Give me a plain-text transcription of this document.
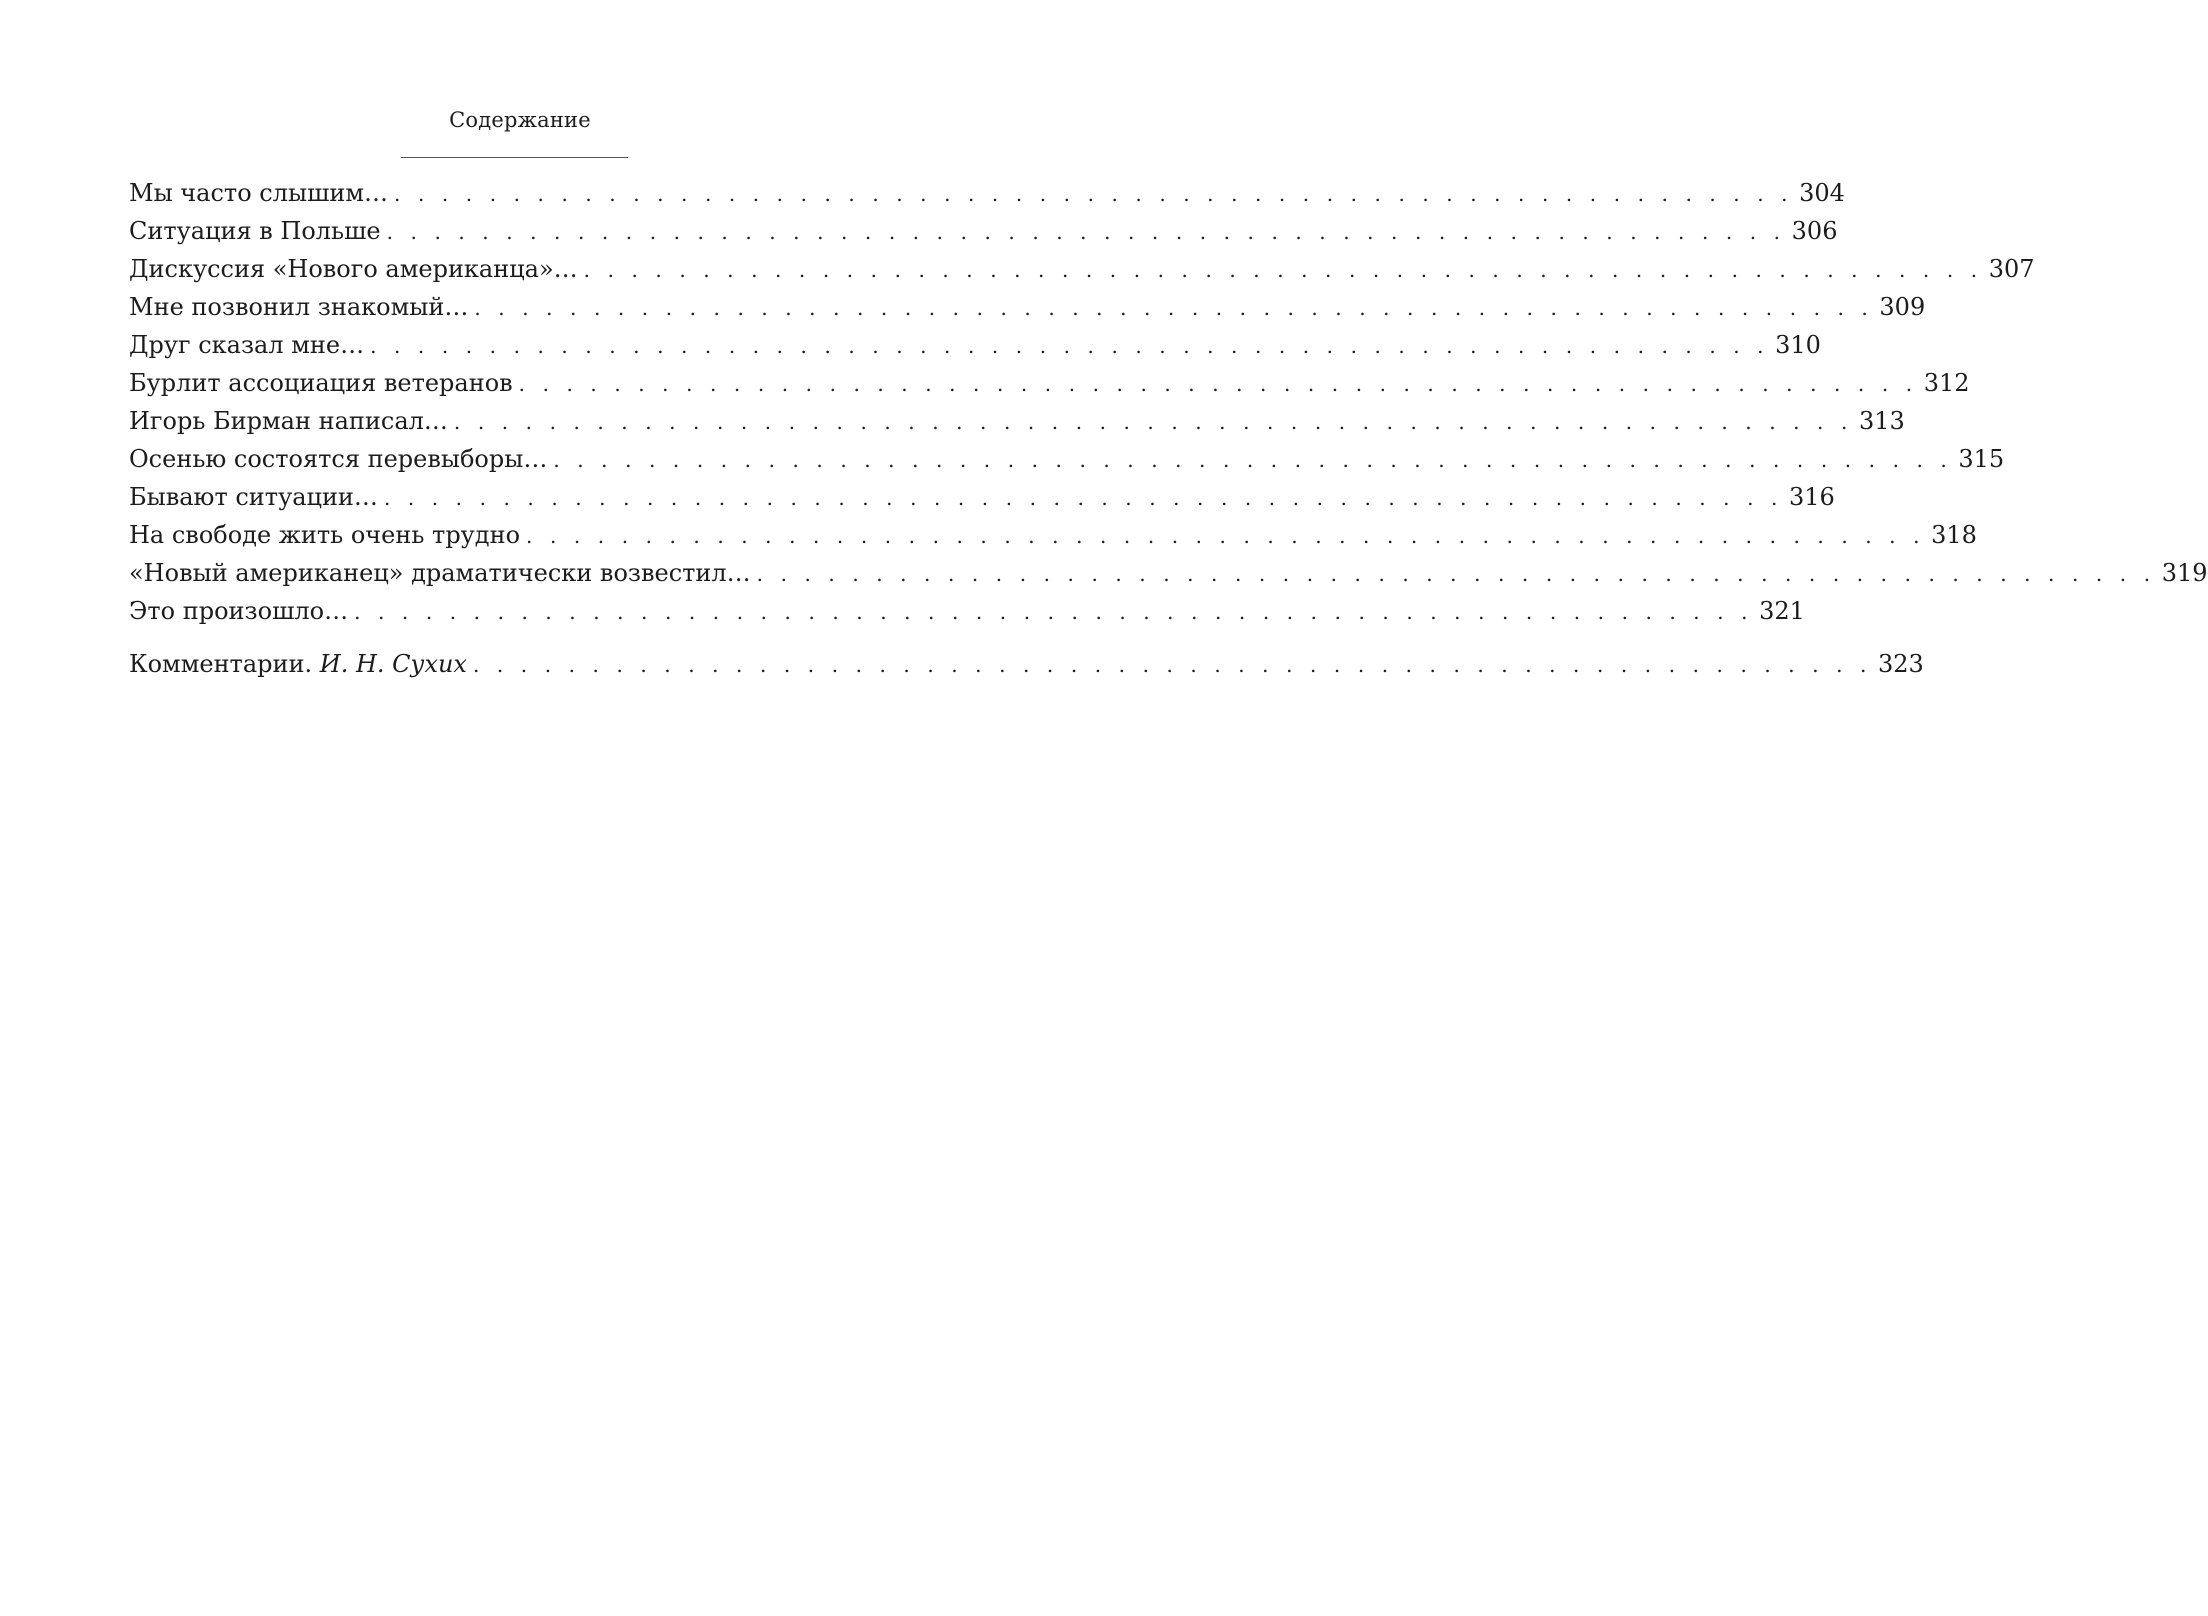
Содержание
Мы часто слышим… . . . . . . . . . . . . . . . . . . . . . . . . . . . . . . . . . . . . . . . . . . . . . . . . . . . . . . . . . . . 304
Ситуация в Польше . . . . . . . . . . . . . . . . . . . . . . . . . . . . . . . . . . . . . . . . . . . . . . . . . . . . . . . . . . . 306
Дискуссия «Нового американца»… . . . . . . . . . . . . . . . . . . . . . . . . . . . . . . . . . . . . . . . . . . . . . . . . . . . . . . . . . . . 307
Мне позвонил знакомый… . . . . . . . . . . . . . . . . . . . . . . . . . . . . . . . . . . . . . . . . . . . . . . . . . . . . . . . . . . . 309
Друг сказал мне… . . . . . . . . . . . . . . . . . . . . . . . . . . . . . . . . . . . . . . . . . . . . . . . . . . . . . . . . . . . 310
Бурлит ассоциация ветеранов . . . . . . . . . . . . . . . . . . . . . . . . . . . . . . . . . . . . . . . . . . . . . . . . . . . . . . . . . . . 312
Игорь Бирман написал… . . . . . . . . . . . . . . . . . . . . . . . . . . . . . . . . . . . . . . . . . . . . . . . . . . . . . . . . . . . 313
Осенью состоятся перевыборы… . . . . . . . . . . . . . . . . . . . . . . . . . . . . . . . . . . . . . . . . . . . . . . . . . . . . . . . . . . . 315
Бывают ситуации… . . . . . . . . . . . . . . . . . . . . . . . . . . . . . . . . . . . . . . . . . . . . . . . . . . . . . . . . . . . 316
На свободе жить очень трудно . . . . . . . . . . . . . . . . . . . . . . . . . . . . . . . . . . . . . . . . . . . . . . . . . . . . . . . . . . . 318
«Новый американец» драматически возвестил… . . . . . . . . . . . . . . . . . . . . . . . . . . . . . . . . . . . . . . . . . . . . . . . . . . . . . . . . . . . 319
Это произошло… . . . . . . . . . . . . . . . . . . . . . . . . . . . . . . . . . . . . . . . . . . . . . . . . . . . . . . . . . . . 321
Комментарии. И. Н. Сухих . . . . . . . . . . . . . . . . . . . . . . . . . . . . . . . . . . . . . . . . . . . . . . . . . . . . . . . . . . . 323
